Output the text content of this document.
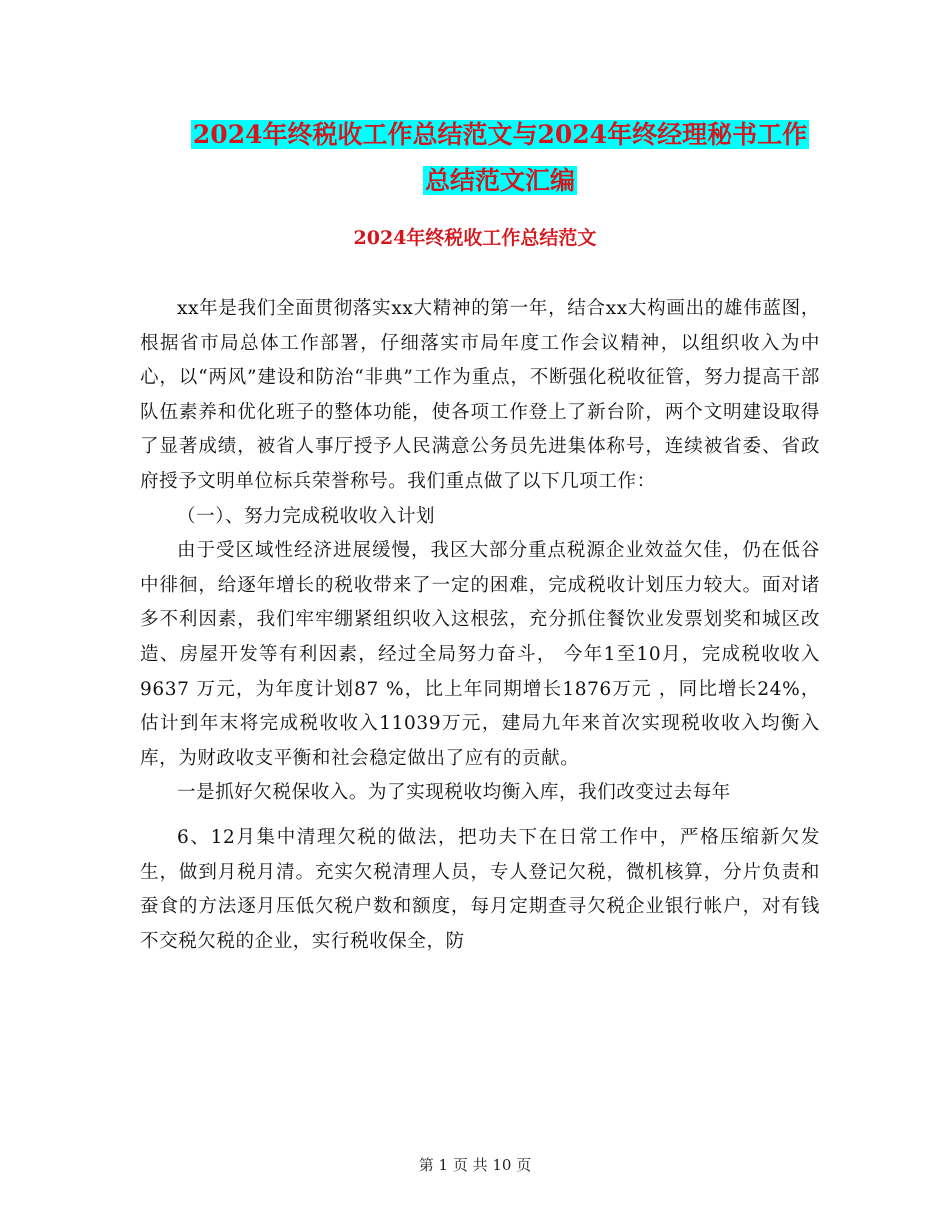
2024年终税收工作总结范文与2024年终经理秘书工作
总结范文汇编
2024年终税收工作总结范文

xx年是我们全面贯彻落实xx大精神的第一年，结合xx大构画出的雄伟蓝图，根据省市局总体工作部署，仔细落实市局年度工作会议精神，以组织收入为中心，以“两风”建设和防治“非典”工作为重点，不断强化税收征管，努力提高干部队伍素养和优化班子的整体功能，使各项工作登上了新台阶，两个文明建设取得了显著成绩，被省人事厅授予人民满意公务员先进集体称号，连续被省委、省政府授予文明单位标兵荣誉称号。我们重点做了以下几项工作：

（一）、努力完成税收收入计划

由于受区域性经济进展缓慢，我区大部分重点税源企业效益欠佳，仍在低谷中徘徊，给逐年增长的税收带来了一定的困难，完成税收计划压力较大。面对诸多不利因素，我们牢牢绷紧组织收入这根弦，充分抓住餐饮业发票划奖和城区改造、房屋开发等有利因素，经过全局努力奋斗， 今年1至10月，完成税收收入9637 万元，为年度计划87 %，比上年同期增长1876万元 ，同比增长24%，估计到年末将完成税收收入11039万元，建局九年来首次实现税收收入均衡入库，为财政收支平衡和社会稳定做出了应有的贡献。

一是抓好欠税保收入。为了实现税收均衡入库，我们改变过去每年

6、12月集中清理欠税的做法，把功夫下在日常工作中，严格压缩新欠发生，做到月税月清。充实欠税清理人员，专人登记欠税，微机核算，分片负责和蚕食的方法逐月压低欠税户数和额度，每月定期查寻欠税企业银行帐户，对有钱不交税欠税的企业，实行税收保全，防

第 1 页 共 10 页
